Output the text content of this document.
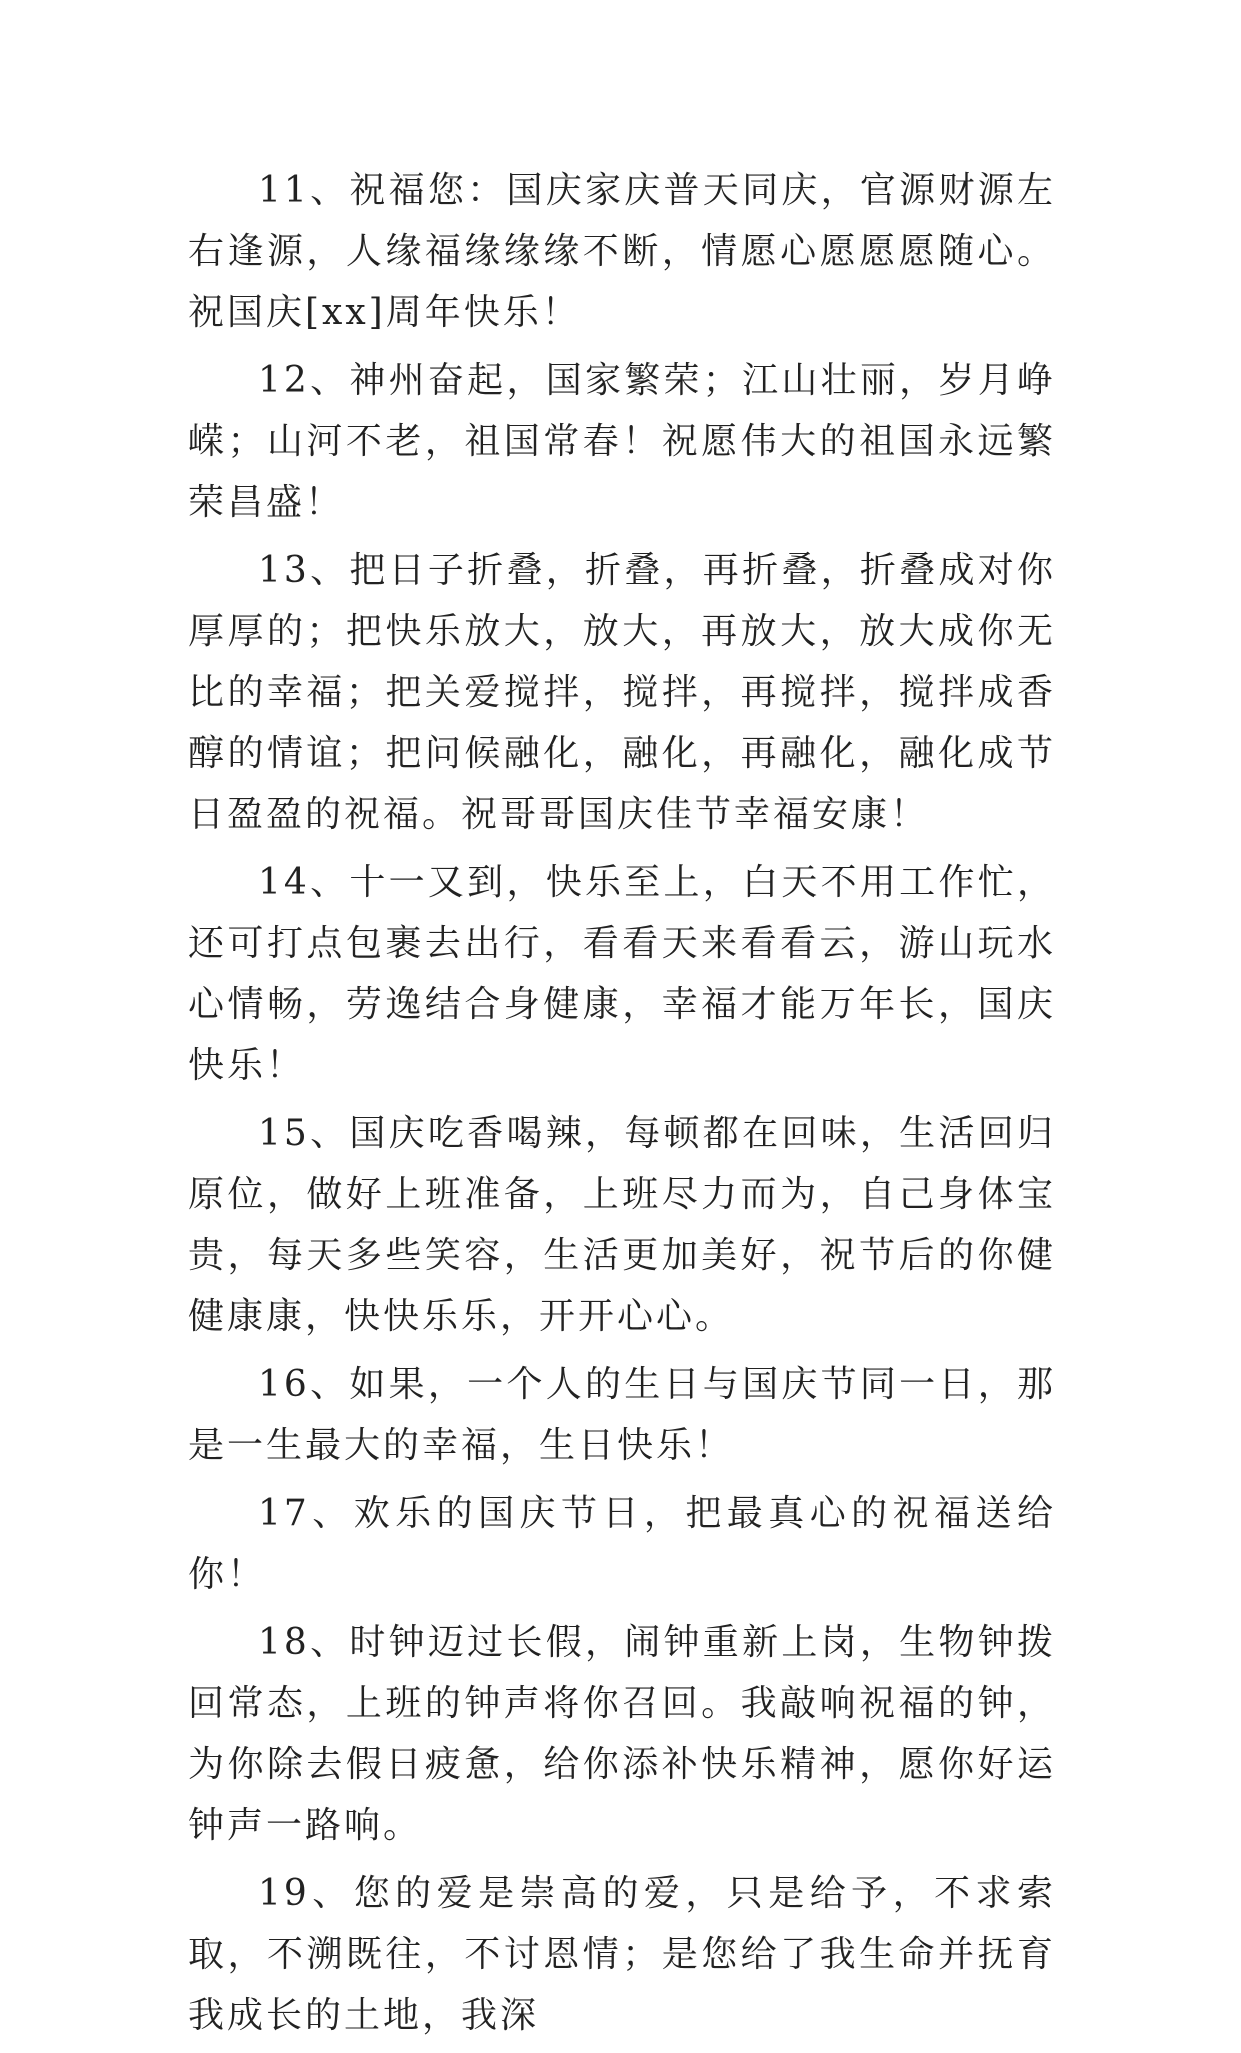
11、祝福您：国庆家庆普天同庆，官源财源左右逢源，人缘福缘缘缘不断，情愿心愿愿愿随心。祝国庆[xx]周年快乐！

12、神州奋起，国家繁荣；江山壮丽，岁月峥嵘；山河不老，祖国常春！祝愿伟大的祖国永远繁荣昌盛！

13、把日子折叠，折叠，再折叠，折叠成对你厚厚的；把快乐放大，放大，再放大，放大成你无比的幸福；把关爱搅拌，搅拌，再搅拌，搅拌成香醇的情谊；把问候融化，融化，再融化，融化成节日盈盈的祝福。祝哥哥国庆佳节幸福安康！

14、十一又到，快乐至上，白天不用工作忙，还可打点包裹去出行，看看天来看看云，游山玩水心情畅，劳逸结合身健康，幸福才能万年长，国庆快乐！

15、国庆吃香喝辣，每顿都在回味，生活回归原位，做好上班准备，上班尽力而为，自己身体宝贵，每天多些笑容，生活更加美好，祝节后的你健健康康，快快乐乐，开开心心。

16、如果，一个人的生日与国庆节同一日，那是一生最大的幸福，生日快乐！

17、欢乐的国庆节日，把最真心的祝福送给你！

18、时钟迈过长假，闹钟重新上岗，生物钟拨回常态，上班的钟声将你召回。我敲响祝福的钟，为你除去假日疲惫，给你添补快乐精神，愿你好运钟声一路响。

19、您的爱是崇高的爱，只是给予，不求索取，不溯既往，不讨恩情；是您给了我生命并抚育我成长的土地，我深
